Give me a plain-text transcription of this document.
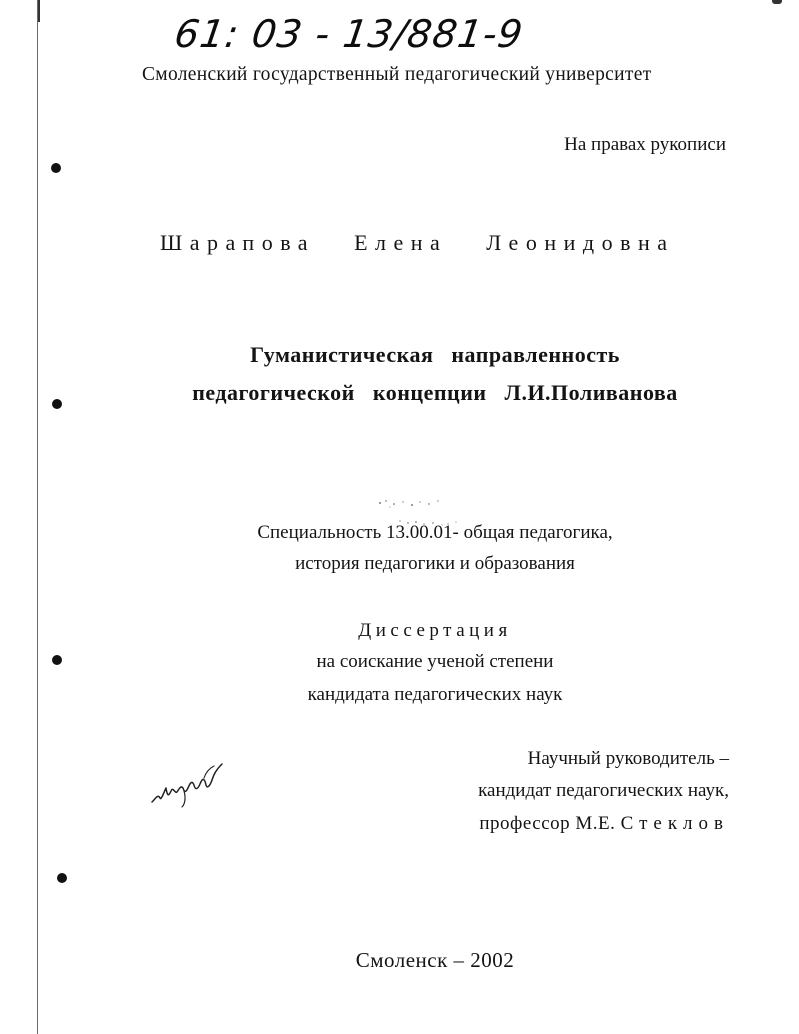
61: 03 - 13/881-9
Смоленский государственный педагогический университет
На правах рукописи
Шарапова Елена Леонидовна
Гуманистическая направленность
педагогической концепции Л.И.Поливанова
Специальность 13.00.01- общая педагогика,
история педагогики и образования
Диссертация
на соискание ученой степени
кандидата педагогических наук
Научный руководитель –
кандидат педагогических наук,
профессор М.Е. Стеклов
Смоленск – 2002
